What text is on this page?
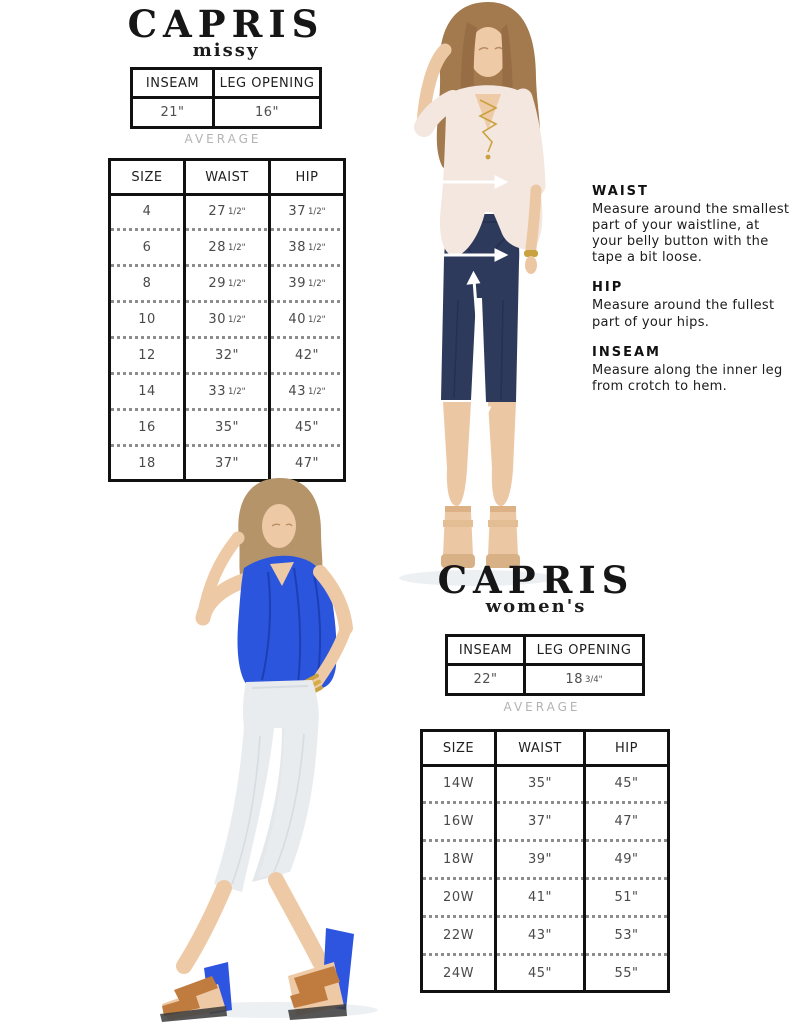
CAPRIS
missy
INSEAM	LEG OPENING
21"	16"
AVERAGE
SIZE	WAIST	HIP
4	27 1/2"	37 1/2"
6	28 1/2"	38 1/2"
8	29 1/2"	39 1/2"
10	30 1/2"	40 1/2"
12	32"	42"
14	33 1/2"	43 1/2"
16	35"	45"
18	37"	47"
WAIST
Measure around the smallest part of your waistline, at your belly button with the tape a bit loose.
HIP
Measure around the fullest part of your hips.
INSEAM
Measure along the inner leg from crotch to hem.
CAPRIS
women's
INSEAM	LEG OPENING
22"	18 3/4"
AVERAGE
SIZE	WAIST	HIP
14W	35"	45"
16W	37"	47"
18W	39"	49"
20W	41"	51"
22W	43"	53"
24W	45"	55"
